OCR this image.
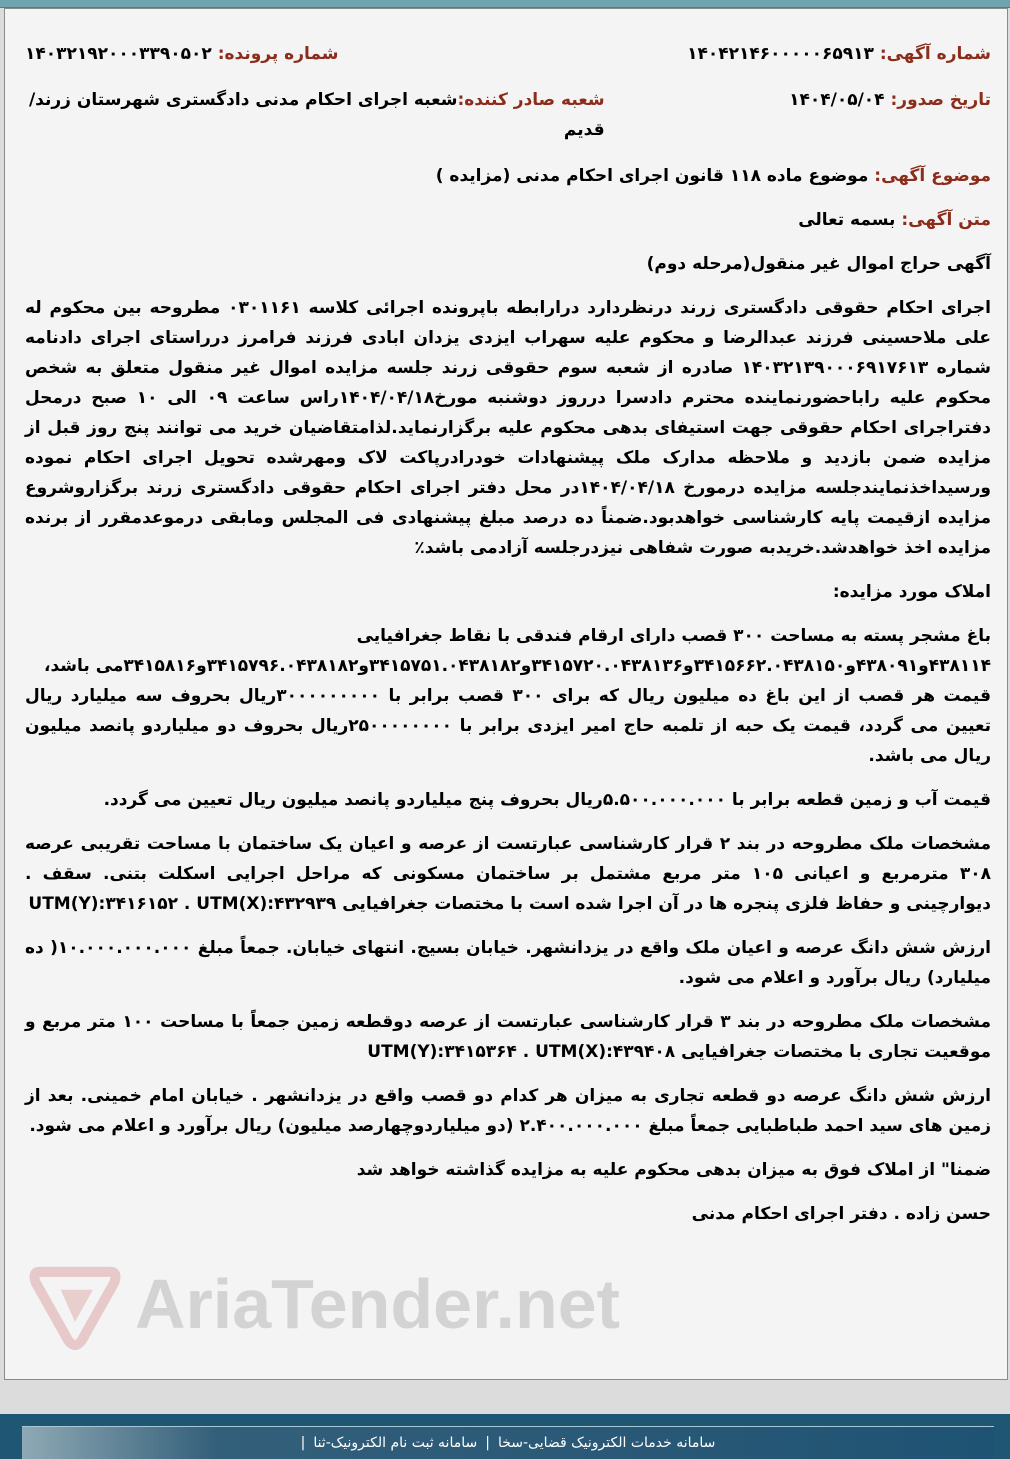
شماره آگهی: ۱۴۰۴۲۱۴۶۰۰۰۰۰۶۵۹۱۳
شماره پرونده: ۱۴۰۳۲۱۹۲۰۰۰۳۳۹۰۵۰۲
تاریخ صدور: ۱۴۰۴/۰۵/۰۴
شعبه صادر کننده:شعبه اجرای احکام مدنی دادگستری شهرستان زرند/قدیم
موضوع آگهی: موضوع ماده ۱۱۸ قانون اجرای احکام مدنی (مزایده )
متن آگهی: بسمه تعالی
آگهی حراج اموال غیر منقول(مرحله دوم)
اجرای احکام حقوقی دادگستری زرند درنظردارد درارابطه باپرونده اجرائی کلاسه ۰۳۰۱۱۶۱ مطروحه بین محکوم له علی ملاحسینی فرزند عبدالرضا و محکوم علیه سهراب ایزدی یزدان ابادی فرزند فرامرز درراستای اجرای دادنامه شماره ۱۴۰۳۲۱۳۹۰۰۰۶۹۱۷۶۱۳ صادره از شعبه سوم حقوقی زرند جلسه مزایده اموال غیر منقول متعلق به شخص محکوم علیه راباحضورنماینده محترم دادسرا درروز دوشنبه مورخ۱۴۰۴/۰۴/۱۸راس ساعت ۰۹ الی ۱۰ صبح درمحل دفتراجرای احکام حقوقی جهت استیفای بدهی محکوم علیه برگزارنماید.لذامتقاضیان خرید می توانند پنج روز قبل از مزایده ضمن بازدید و ملاحظه مدارک ملک پیشنهادات خودرادرپاکت لاک ومهرشده تحویل اجرای احکام نموده ورسیداخذنمایندجلسه مزایده درمورخ ۱۴۰۴/۰۴/۱۸در محل دفتر اجرای احکام حقوقی دادگستری زرند برگزاروشروع مزایده ازقیمت پایه کارشناسی خواهدبود.ضمناً ده درصد مبلغ پیشنهادی فی المجلس ومابقی درموعدمقرر از برنده مزایده اخذ خواهدشد.خریدبه صورت شفاهی نیزدرجلسه آزادمی باشد٪
املاک مورد مزایده:
باغ مشجر پسته به مساحت ۳۰۰ قصب دارای ارقام فندقی با نقاط جغرافیایی
۴۳۸۱۱۴و۴۳۸۰۹۱و۳۴۱۵۶۶۲.۰۴۳۸۱۵۰و۳۴۱۵۷۲۰.۰۴۳۸۱۳۶و۳۴۱۵۷۵۱.۰۴۳۸۱۸۲و۳۴۱۵۷۹۶.۰۴۳۸۱۸۲و۳۴۱۵۸۱۶می باشد،
قیمت هر قصب از این باغ ده میلیون ریال که برای ۳۰۰ قصب برابر با ۳۰۰۰۰۰۰۰۰۰ریال بحروف سه میلیارد ریال تعیین می گردد، قیمت یک حبه از تلمبه حاج امیر ایزدی برابر با ۲۵۰۰۰۰۰۰۰۰ریال بحروف دو میلیاردو پانصد میلیون ریال می باشد.
قیمت آب و زمین قطعه برابر با ۵.۵۰۰.۰۰۰.۰۰۰ریال بحروف پنج میلیاردو پانصد میلیون ریال تعیین می گردد.
مشخصات ملک مطروحه در بند ۲ قرار کارشناسی عبارتست از عرصه و اعیان یک ساختمان با مساحت تقریبی عرصه ۳۰۸ مترمربع و اعیانی ۱۰۵ متر مربع مشتمل بر ساختمان مسکونی که مراحل اجرایی اسکلت بتنی. سقف . دیوارچینی و حفاظ فلزی پنجره ها در آن اجرا شده است با مختصات جغرافیایی UTM(Y):۳۴۱۶۱۵۲ . UTM(X):۴۳۲۹۳۹
ارزش شش دانگ عرصه و اعیان ملک واقع در یزدانشهر. خیابان بسیج. انتهای خیابان. جمعاً مبلغ ۱۰.۰۰۰.۰۰۰.۰۰۰( ده میلیارد) ریال برآورد و اعلام می شود.
مشخصات ملک مطروحه در بند ۳ قرار کارشناسی عبارتست از عرصه دوقطعه زمین جمعاً با مساحت ۱۰۰ متر مربع و موقعیت تجاری با مختصات جغرافیایی UTM(Y):۳۴۱۵۳۶۴ . UTM(X):۴۳۹۴۰۸
ارزش شش دانگ عرصه دو قطعه تجاری به میزان هر کدام دو قصب واقع در یزدانشهر . خیابان امام خمینی. بعد از زمین های سید احمد طباطبایی جمعاً مبلغ ۲.۴۰۰.۰۰۰.۰۰۰ (دو میلیاردوچهارصد میلیون) ریال برآورد و اعلام می شود.
ضمنا" از املاک فوق به میزان بدهی محکوم علیه به مزایده گذاشته خواهد شد
حسن زاده . دفتر اجرای احکام مدنی
AriaTender.net
سامانه خدمات الکترونیک قضایی-سخا|سامانه ثبت نام الکترونیک-ثنا|
